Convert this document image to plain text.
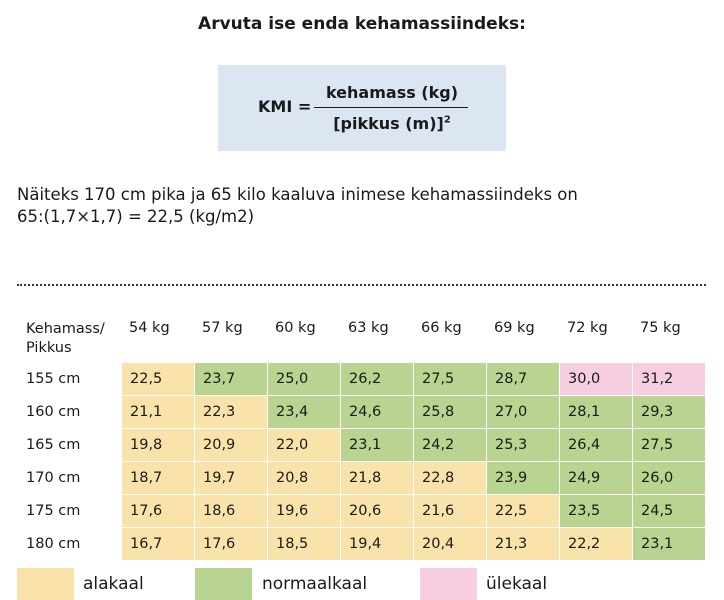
Arvuta ise enda kehamassiindeks:
KMI =
kehamass (kg)
[pikkus (m)]$^2$
Näiteks 170 cm pika ja 65 kilo kaaluva inimese kehamassiindeks on
65:(1,7×1,7) = 22,5 (kg/m2)
Kehamass/
Pikkus
54 kg 57 kg 60 kg 63 kg 66 kg 69 kg 72 kg 75 kg
155 cm	22,5	23,7	25,0	26,2	27,5	28,7	30,0	31,2
160 cm	21,1	22,3	23,4	24,6	25,8	27,0	28,1	29,3
165 cm	19,8	20,9	22,0	23,1	24,2	25,3	26,4	27,5
170 cm	18,7	19,7	20,8	21,8	22,8	23,9	24,9	26,0
175 cm	17,6	18,6	19,6	20,6	21,6	22,5	23,5	24,5
180 cm	16,7	17,6	18,5	19,4	20,4	21,3	22,2	23,1
alakaal	normaalkaal	ülekaal
